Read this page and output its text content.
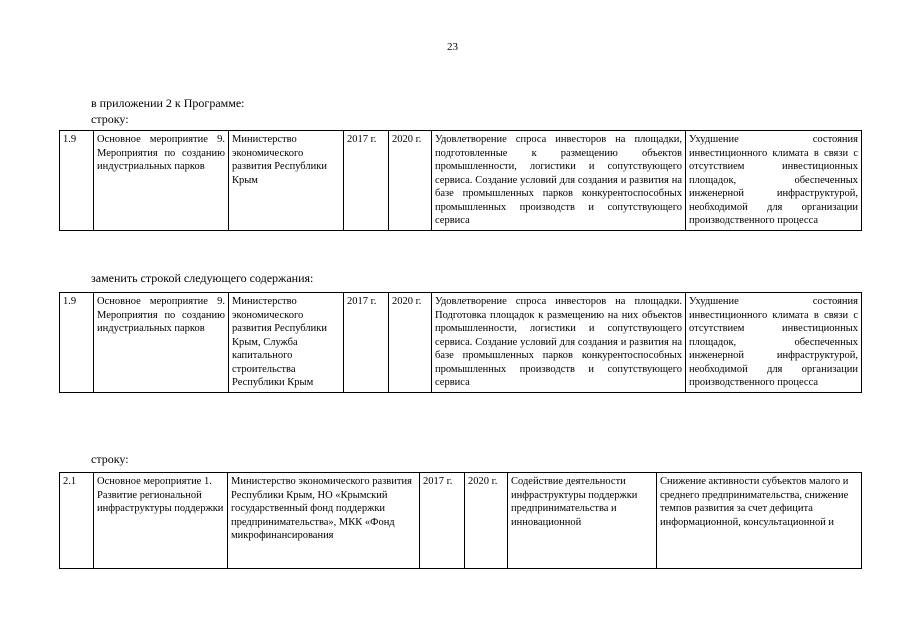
23
в приложении 2 к Программе:
строку:
1.9	Основное мероприятие 9. Мероприятия по созданию индустриальных парков	Министерство экономического развития Республики Крым	2017 г.	2020 г.	Удовлетворение спроса инвесторов на площадки, подготовленные к размещению объектов промышленности, логистики и сопутствующего сервиса. Создание условий для создания и развития на базе промышленных парков конкурентоспособных промышленных производств и сопутствующего сервиса	Ухудшение состояния инвестиционного климата в связи с отсутствием инвестиционных площадок, обеспеченных инженерной инфраструктурой, необходимой для организации производственного процесса
заменить строкой следующего содержания:
1.9	Основное мероприятие 9. Мероприятия по созданию индустриальных парков	Министерство экономического развития Республики Крым, Служба капитального строительства Республики Крым	2017 г.	2020 г.	Удовлетворение спроса инвесторов на площадки. Подготовка площадок к размещению на них объектов промышленности, логистики и сопутствующего сервиса. Создание условий для создания и развития на базе промышленных парков конкурентоспособных промышленных производств и сопутствующего сервиса	Ухудшение состояния инвестиционного климата в связи с отсутствием инвестиционных площадок, обеспеченных инженерной инфраструктурой, необходимой для организации производственного процесса
строку:
2.1	Основное мероприятие 1. Развитие региональной инфраструктуры поддержки	Министерство экономического развития Республики Крым, НО «Крымский государственный фонд поддержки предпринимательства», МКК «Фонд микрофинансирования	2017 г.	2020 г.	Содействие деятельности инфраструктуры поддержки предпринимательства и инновационной	Снижение активности субъектов малого и среднего предпринимательства, снижение темпов развития за счет дефицита информационной, консультационной и
